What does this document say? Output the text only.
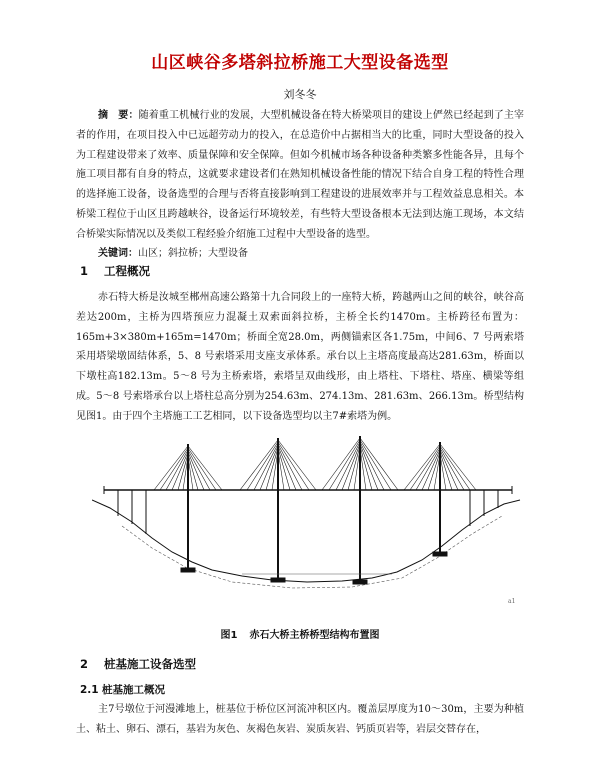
山区峡谷多塔斜拉桥施工大型设备选型
刘冬冬

摘　要：随着重工机械行业的发展，大型机械设备在特大桥梁项目的建设上俨然已经起到了主宰者的作用，在项目投入中已远超劳动力的投入，在总造价中占据相当大的比重，同时大型设备的投入为工程建设带来了效率、质量保障和安全保障。但如今机械市场各种设备种类繁多性能各异，且每个施工项目都有自身的特点，这就要求建设者们在熟知机械设备性能的情况下结合自身工程的特性合理的选择施工设备，设备选型的合理与否将直接影响到工程建设的进展效率并与工程效益息息相关。本桥梁工程位于山区且跨越峡谷，设备运行环境较差，有些特大型设备根本无法到达施工现场，本文结合桥梁实际情况以及类似工程经验介绍施工过程中大型设备的选型。

关键词：山区；斜拉桥；大型设备

1 工程概况

赤石特大桥是汝城至郴州高速公路第十九合同段上的一座特大桥，跨越两山之间的峡谷，峡谷高差达200m，主桥为四塔预应力混凝土双索面斜拉桥，主桥全长约1470m。主桥跨径布置为：165m+3×380m+165m=1470m；桥面全宽28.0m，两侧锚索区各1.75m，中间6、7 号两索塔采用塔梁墩固结体系，5、8 号索塔采用支座支承体系。承台以上主塔高度最高达281.63m，桥面以下墩柱高182.13m。5～8 号为主桥索塔，索塔呈双曲线形，由上塔柱、下塔柱、塔座、横梁等组成。5～8 号索塔承台以上塔柱总高分别为254.63m、274.13m、281.63m、266.13m。桥型结构见图1。由于四个主塔施工工艺相同，以下设备选型均以主7#索塔为例。

a1
图1 赤石大桥主桥桥型结构布置图
2 桩基施工设备选型
2.1 桩基施工概况

主7号墩位于河漫滩地上，桩基位于桥位区河流冲积区内。覆盖层厚度为10～30m，主要为种植土、粘土、卵石、漂石，基岩为灰色、灰褐色灰岩、炭质灰岩、钙质页岩等，岩层交替存在，
